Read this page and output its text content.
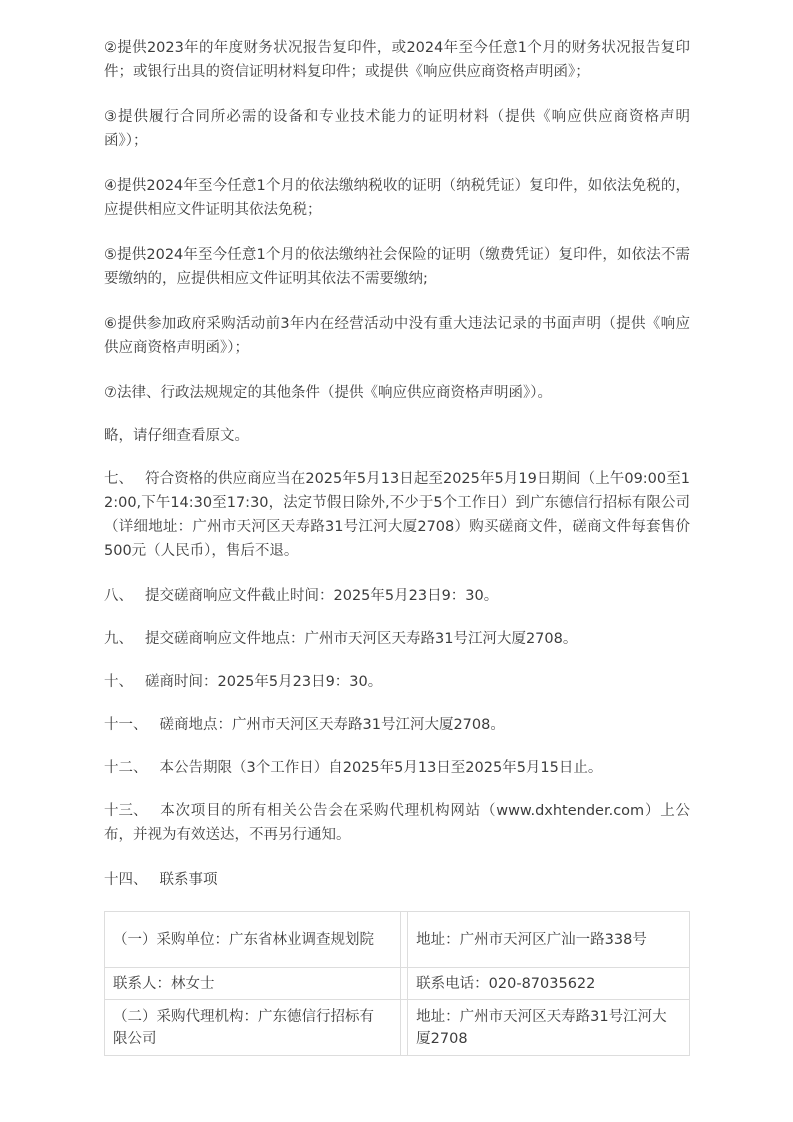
②提供2023年的年度财务状况报告复印件，或2024年至今任意1个月的财务状况报告复印件；或银行出具的资信证明材料复印件；或提供《响应供应商资格声明函》；

③提供履行合同所必需的设备和专业技术能力的证明材料（提供《响应供应商资格声明函》）；

④提供2024年至今任意1个月的依法缴纳税收的证明（纳税凭证）复印件，如依法免税的，应提供相应文件证明其依法免税；

⑤提供2024年至今任意1个月的依法缴纳社会保险的证明（缴费凭证）复印件，如依法不需要缴纳的，应提供相应文件证明其依法不需要缴纳;

⑥提供参加政府采购活动前3年内在经营活动中没有重大违法记录的书面声明（提供《响应供应商资格声明函》）；

⑦法律、行政法规规定的其他条件（提供《响应供应商资格声明函》）。

略，请仔细查看原文。

七、 符合资格的供应商应当在2025年5月13日起至2025年5月19日期间（上午09:00至12:00,下午14:30至17:30，法定节假日除外,不少于5个工作日）到广东德信行招标有限公司（详细地址：广州市天河区天寿路31号江河大厦2708）购买磋商文件，磋商文件每套售价500元（人民币），售后不退。

八、 提交磋商响应文件截止时间：2025年5月23日9：30。

九、 提交磋商响应文件地点：广州市天河区天寿路31号江河大厦2708。

十、 磋商时间：2025年5月23日9：30。

十一、 磋商地点：广州市天河区天寿路31号江河大厦2708。

十二、 本公告期限（3个工作日）自2025年5月13日至2025年5月15日止。

十三、 本次项目的所有相关公告会在采购代理机构网站（www.dxhtender.com）上公布，并视为有效送达，不再另行通知。

十四、 联系事项

（一）采购单位：广东省林业调查规划院		地址：广州市天河区广汕一路338号
联系人：林女士		联系电话：020-87035622
（二）采购代理机构：广东德信行招标有限公司		地址：广州市天河区天寿路31号江河大厦2708
